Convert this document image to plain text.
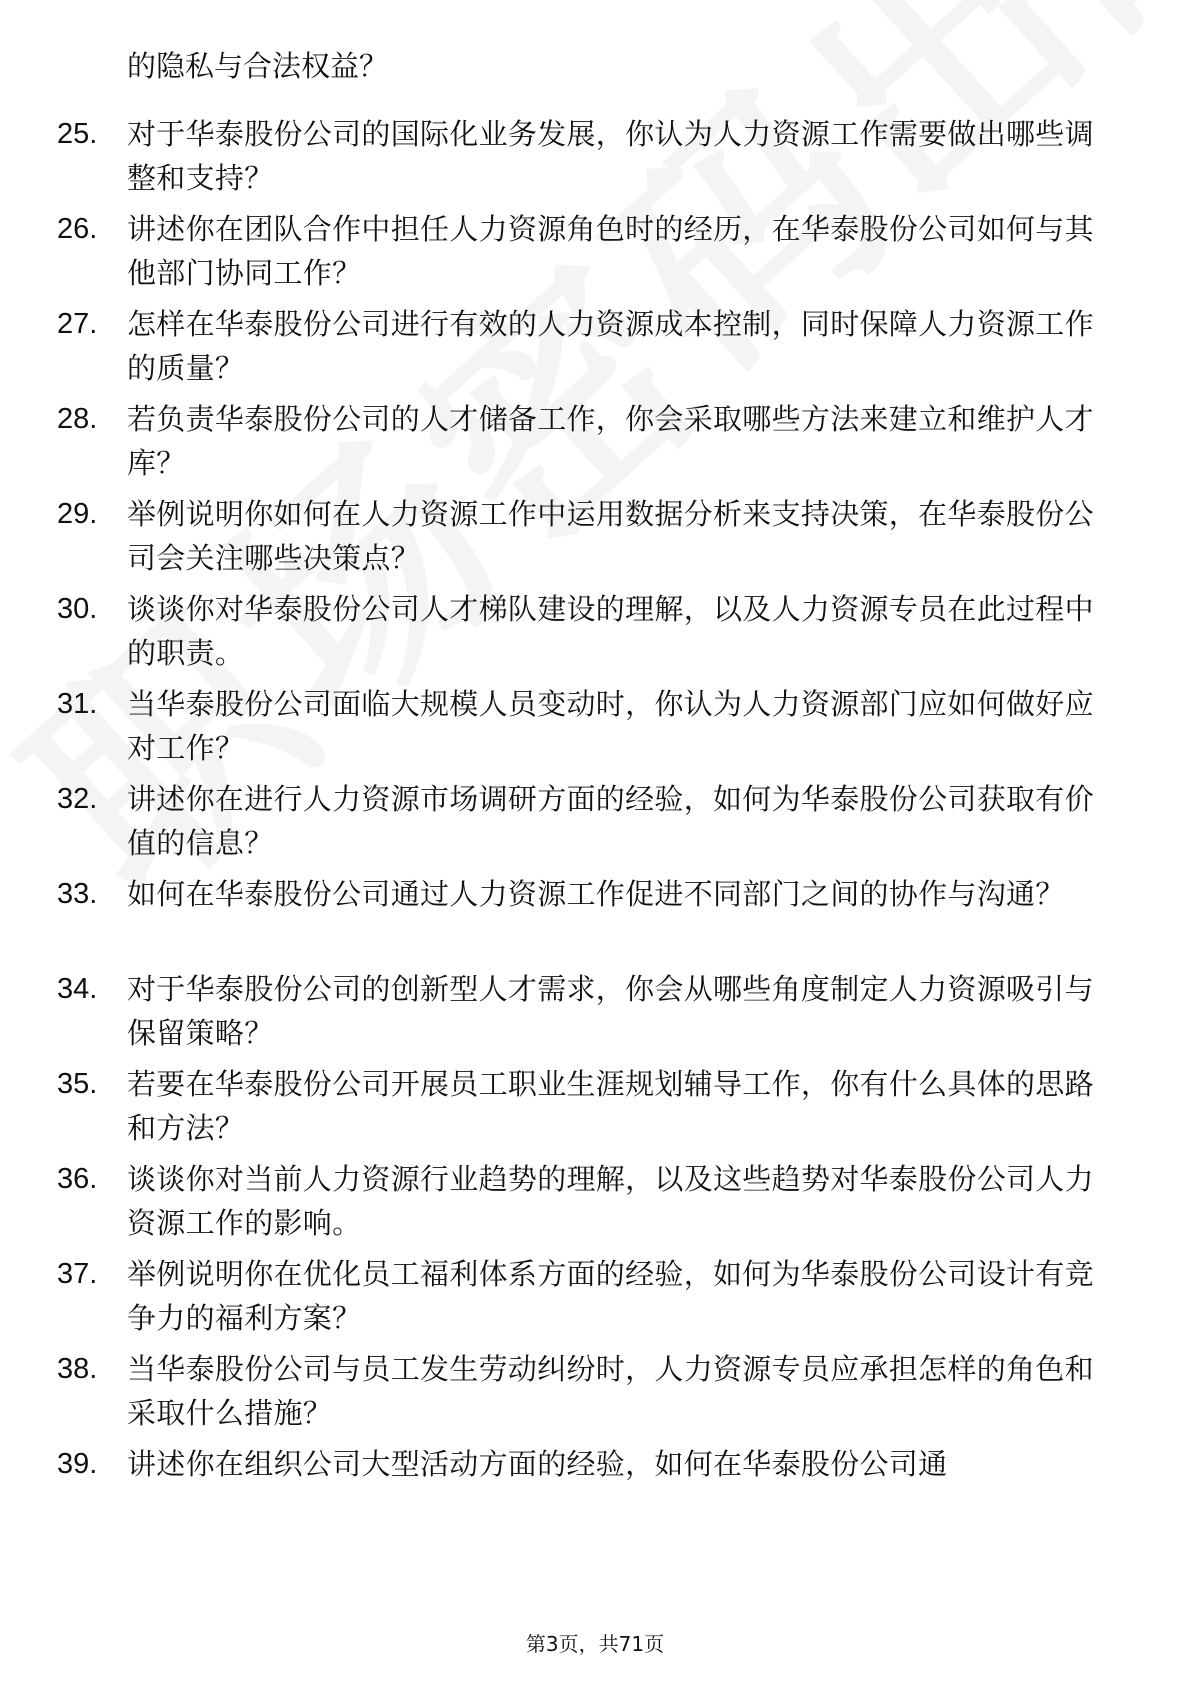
的隐私与合法权益？
25.	对于华泰股份公司的国际化业务发展，你认为人力资源工作需要做出哪些调整和支持？
26.	讲述你在团队合作中担任人力资源角色时的经历，在华泰股份公司如何与其他部门协同工作？
27.	怎样在华泰股份公司进行有效的人力资源成本控制，同时保障人力资源工作的质量？
28.	若负责华泰股份公司的人才储备工作，你会采取哪些方法来建立和维护人才库？
29.	举例说明你如何在人力资源工作中运用数据分析来支持决策，在华泰股份公司会关注哪些决策点？
30.	谈谈你对华泰股份公司人才梯队建设的理解，以及人力资源专员在此过程中的职责。
31.	当华泰股份公司面临大规模人员变动时，你认为人力资源部门应如何做好应对工作？
32.	讲述你在进行人力资源市场调研方面的经验，如何为华泰股份公司获取有价值的信息？
33.	如何在华泰股份公司通过人力资源工作促进不同部门之间的协作与沟通？
34.	对于华泰股份公司的创新型人才需求，你会从哪些角度制定人力资源吸引与保留策略？
35.	若要在华泰股份公司开展员工职业生涯规划辅导工作，你有什么具体的思路和方法？
36.	谈谈你对当前人力资源行业趋势的理解，以及这些趋势对华泰股份公司人力资源工作的影响。
37.	举例说明你在优化员工福利体系方面的经验，如何为华泰股份公司设计有竞争力的福利方案？
38.	当华泰股份公司与员工发生劳动纠纷时，人力资源专员应承担怎样的角色和采取什么措施？
39.	讲述你在组织公司大型活动方面的经验，如何在华泰股份公司通
第3页，共71页
